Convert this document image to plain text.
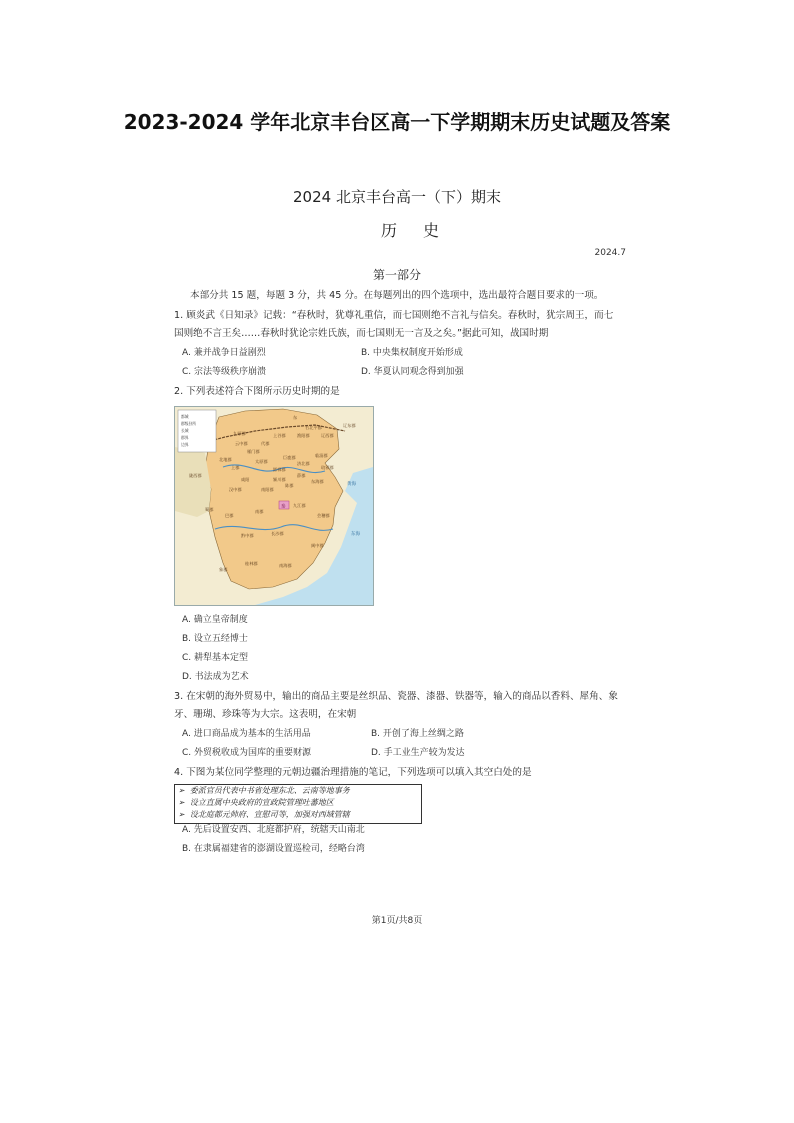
2023-2024 学年北京丰台区高一下学期期末历史试题及答案
2024 北京丰台高一（下）期末
历史
2024.7
第一部分
本部分共 15 题，每题 3 分，共 45 分。在每题列出的四个选项中，选出最符合题目要求的一项。
1. 顾炎武《日知录》记载：“春秋时，犹尊礼重信，而七国则绝不言礼与信矣。春秋时，犹宗周王，而七
国则绝不言王矣……春秋时犹论宗姓氏族，而七国则无一言及之矣。”据此可知，战国时期
A. 兼并战争日益剧烈	B. 中央集权制度开始形成
C. 宗法等级秩序崩溃	D. 华夏认同观念得到加强
2. 下列表述符合下图所示历史时期的是
都城
郡级驻所
长城
郡界
边界
东
九原郡	上谷郡
代郡
渔阳郡	辽西郡
辽东郡
右北平郡
雁门郡
云中郡
北地郡
陇西郡
上郡
太原郡
邯郸郡
巨鹿郡
济北郡
临淄郡
琅邪郡
东海郡
薛郡
陈郡
颍川郡
南阳郡
汉中郡
蜀郡
巴郡
南郡
九江郡
会稽郡
长沙郡
黔中郡
桂林郡
象郡
南海郡
闽中郡
咸阳
秦
黄海
东海
A. 确立皇帝制度
B. 设立五经博士
C. 耕犁基本定型
D. 书法成为艺术
3. 在宋朝的海外贸易中，输出的商品主要是丝织品、瓷器、漆器、铁器等，输入的商品以香料、犀角、象
牙、珊瑚、珍珠等为大宗。这表明，在宋朝
A. 进口商品成为基本的生活用品	B. 开创了海上丝绸之路
C. 外贸税收成为国库的重要财源	D. 手工业生产较为发达
4. 下图为某位同学整理的元朝边疆治理措施的笔记，下列选项可以填入其空白处的是
➢  委派官员代表中书省处理东北、云南等地事务
➢  设立直属中央政府的宣政院管理吐蕃地区
➢  设北庭都元帅府、宣慰司等，加强对西域管辖
A. 先后设置安西、北庭都护府，统辖天山南北
B. 在隶属福建省的澎湖设置巡检司，经略台湾
第1页/共8页
